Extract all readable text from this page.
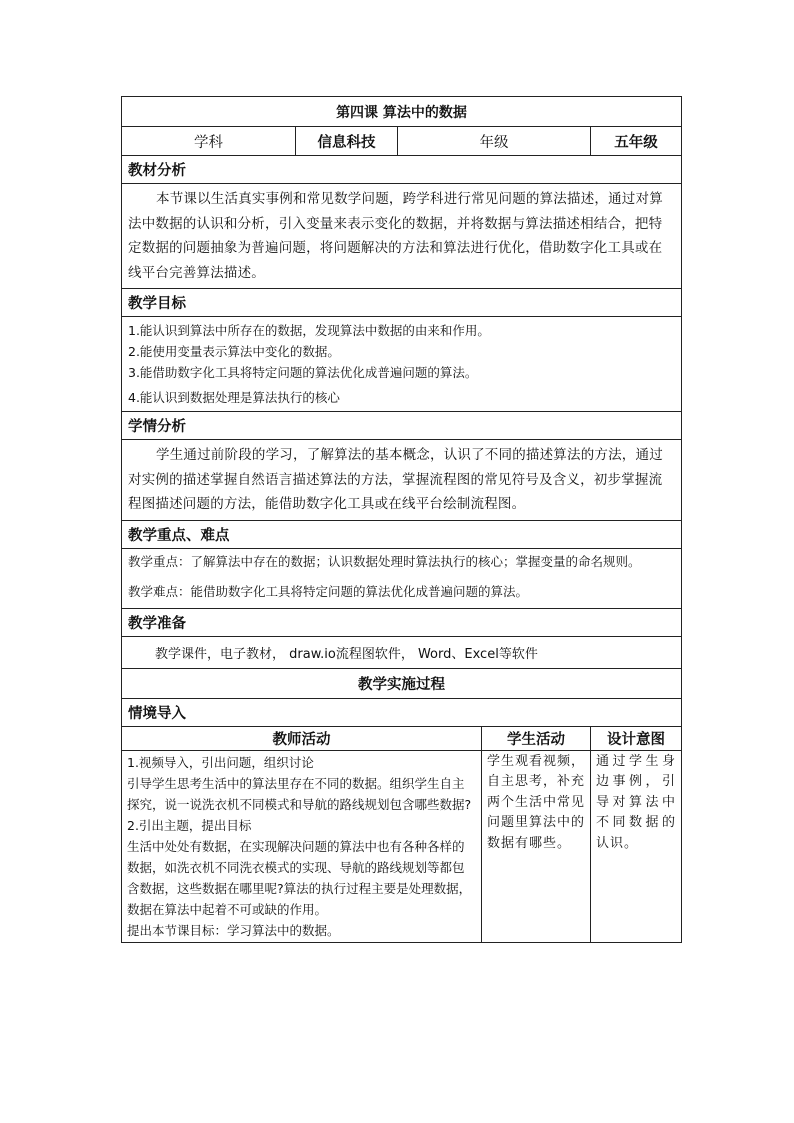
第四课 算法中的数据				
学科	信息科技	年级		五年级
教材分析				
本节课以生活真实事例和常见数学问题，跨学科进行常见问题的算法描述，通过对算法中数据的认识和分析，引入变量来表示变化的数据，并将数据与算法描述相结合，把特定数据的问题抽象为普遍问题，将问题解决的方法和算法进行优化，借助数字化工具或在线平台完善算法描述。				
教学目标				

1.能认识到算法中所存在的数据，发现算法中数据的由来和作用。
2.能使用变量表示算法中变化的数据。
3.能借助数字化工具将特定问题的算法优化成普遍问题的算法。
4.能认识到数据处理是算法执行的核心				

学情分析				
学生通过前阶段的学习，了解算法的基本概念，认识了不同的描述算法的方法，通过对实例的描述掌握自然语言描述算法的方法，掌握流程图的常见符号及含义，初步掌握流程图描述问题的方法，能借助数字化工具或在线平台绘制流程图。				
教学重点、难点				

教学重点：了解算法中存在的数据；认识数据处理时算法执行的核心；掌握变量的命名规则。
教学难点：能借助数字化工具将特定问题的算法优化成普遍问题的算法。				

教学准备				
教学课件，电子教材， draw.io流程图软件， Word、Excel等软件				
教学实施过程				
情境导入				
教师活动			学生活动	设计意图

1.视频导入，引出问题，组织讨论
引导学生思考生活中的算法里存在不同的数据。组织学生自主探究，说一说洗衣机不同模式和导航的路线规划包含哪些数据?
2.引出主题，提出目标
生活中处处有数据，在实现解决问题的算法中也有各种各样的数据，如洗衣机不同洗衣模式的实现、导航的路线规划等都包含数据，这些数据在哪里呢?算法的执行过程主要是处理数据，数据在算法中起着不可或缺的作用。
提出本节课目标：学习算法中的数据。			学生观看视频，自主思考，补充两个生活中常见问题里算法中的数据有哪些。	通过学生身边事例，引导对算法中不同数据的认识。
